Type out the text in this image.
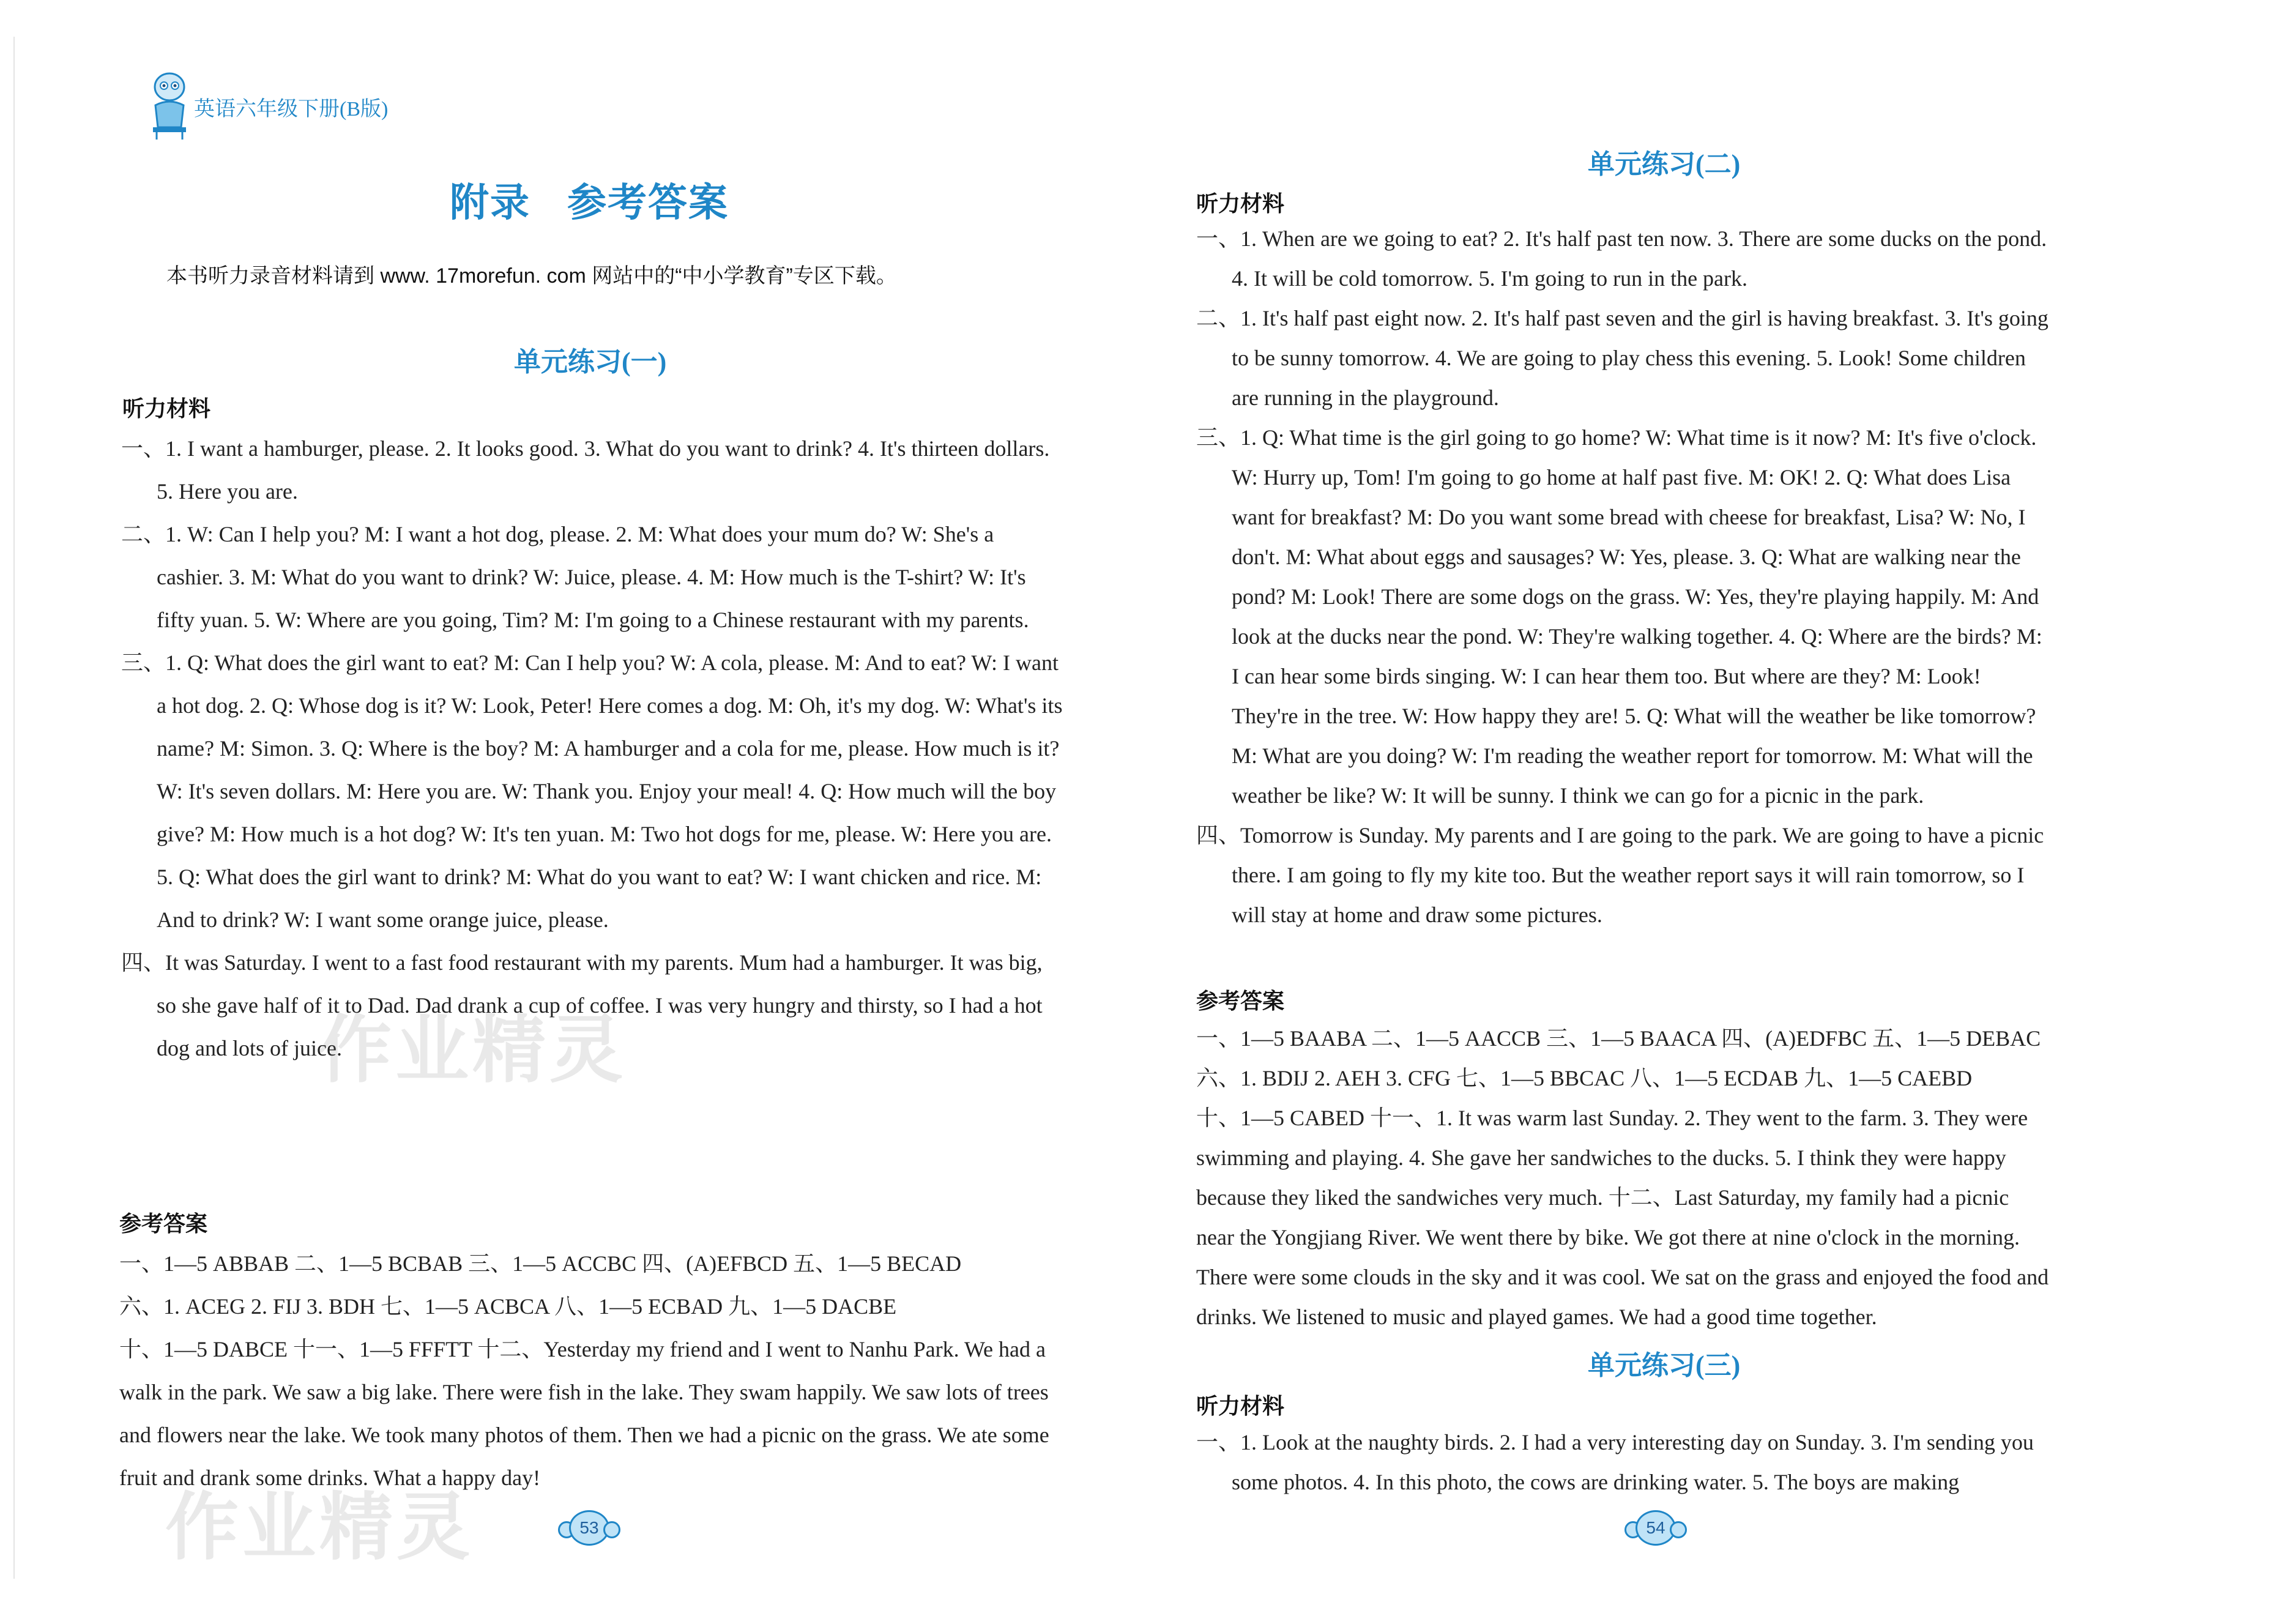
英语六年级下册(B版)
附录 参考答案
本书听力录音材料请到 www. 17morefun. com 网站中的“中小学教育”专区下载。
单元练习(一)
听力材料

一、1. I want a hamburger, please. 2. It looks good. 3. What do you want to drink? 4. It's thirteen dollars. 5. Here you are.

二、1. W: Can I help you? M: I want a hot dog, please. 2. M: What does your mum do? W: She's a cashier. 3. M: What do you want to drink? W: Juice, please. 4. M: How much is the T-shirt? W: It's fifty yuan. 5. W: Where are you going, Tim? M: I'm going to a Chinese restaurant with my parents.

三、1. Q: What does the girl want to eat? M: Can I help you? W: A cola, please. M: And to eat? W: I want a hot dog. 2. Q: Whose dog is it? W: Look, Peter! Here comes a dog. M: Oh, it's my dog. W: What's its name? M: Simon. 3. Q: Where is the boy? M: A hamburger and a cola for me, please. How much is it? W: It's seven dollars. M: Here you are. W: Thank you. Enjoy your meal! 4. Q: How much will the boy give? M: How much is a hot dog? W: It's ten yuan. M: Two hot dogs for me, please. W: Here you are. 5. Q: What does the girl want to drink? M: What do you want to eat? W: I want chicken and rice. M: And to drink? W: I want some orange juice, please.

四、It was Saturday. I went to a fast food restaurant with my parents. Mum had a hamburger. It was big, so she gave half of it to Dad. Dad drank a cup of coffee. I was very hungry and thirsty, so I had a hot dog and lots of juice.

参考答案

一、1—5 ABBAB 二、1—5 BCBAB 三、1—5 ACCBC 四、(A)EFBCD 五、1—5 BECAD

六、1. ACEG 2. FIJ 3. BDH 七、1—5 ACBCA 八、1—5 ECBAD 九、1—5 DACBE

十、1—5 DABCE 十一、1—5 FFFTT 十二、Yesterday my friend and I went to Nanhu Park. We had a walk in the park. We saw a big lake. There were fish in the lake. They swam happily. We saw lots of trees and flowers near the lake. We took many photos of them. Then we had a picnic on the grass. We ate some fruit and drank some drinks. What a happy day!

53
作业精灵
作业精灵
单元练习(二)
听力材料

一、1. When are we going to eat? 2. It's half past ten now. 3. There are some ducks on the pond. 4. It will be cold tomorrow. 5. I'm going to run in the park.

二、1. It's half past eight now. 2. It's half past seven and the girl is having breakfast. 3. It's going to be sunny tomorrow. 4. We are going to play chess this evening. 5. Look! Some children are running in the playground.

三、1. Q: What time is the girl going to go home? W: What time is it now? M: It's five o'clock. W: Hurry up, Tom! I'm going to go home at half past five. M: OK! 2. Q: What does Lisa want for breakfast? M: Do you want some bread with cheese for breakfast, Lisa? W: No, I don't. M: What about eggs and sausages? W: Yes, please. 3. Q: What are walking near the pond? M: Look! There are some dogs on the grass. W: Yes, they're playing happily. M: And look at the ducks near the pond. W: They're walking together. 4. Q: Where are the birds? M: I can hear some birds singing. W: I can hear them too. But where are they? M: Look! They're in the tree. W: How happy they are! 5. Q: What will the weather be like tomorrow? M: What are you doing? W: I'm reading the weather report for tomorrow. M: What will the weather be like? W: It will be sunny. I think we can go for a picnic in the park.

四、Tomorrow is Sunday. My parents and I are going to the park. We are going to have a picnic there. I am going to fly my kite too. But the weather report says it will rain tomorrow, so I will stay at home and draw some pictures.

参考答案

一、1—5 BAABA 二、1—5 AACCB 三、1—5 BAACA 四、(A)EDFBC 五、1—5 DEBAC

六、1. BDIJ 2. AEH 3. CFG 七、1—5 BBCAC 八、1—5 ECDAB 九、1—5 CAEBD

十、1—5 CABED 十一、1. It was warm last Sunday. 2. They went to the farm. 3. They were swimming and playing. 4. She gave her sandwiches to the ducks. 5. I think they were happy because they liked the sandwiches very much. 十二、Last Saturday, my family had a picnic near the Yongjiang River. We went there by bike. We got there at nine o'clock in the morning. There were some clouds in the sky and it was cool. We sat on the grass and enjoyed the food and drinks. We listened to music and played games. We had a good time together.

单元练习(三)
听力材料

一、1. Look at the naughty birds. 2. I had a very interesting day on Sunday. 3. I'm sending you some photos. 4. In this photo, the cows are drinking water. 5. The boys are making

54
